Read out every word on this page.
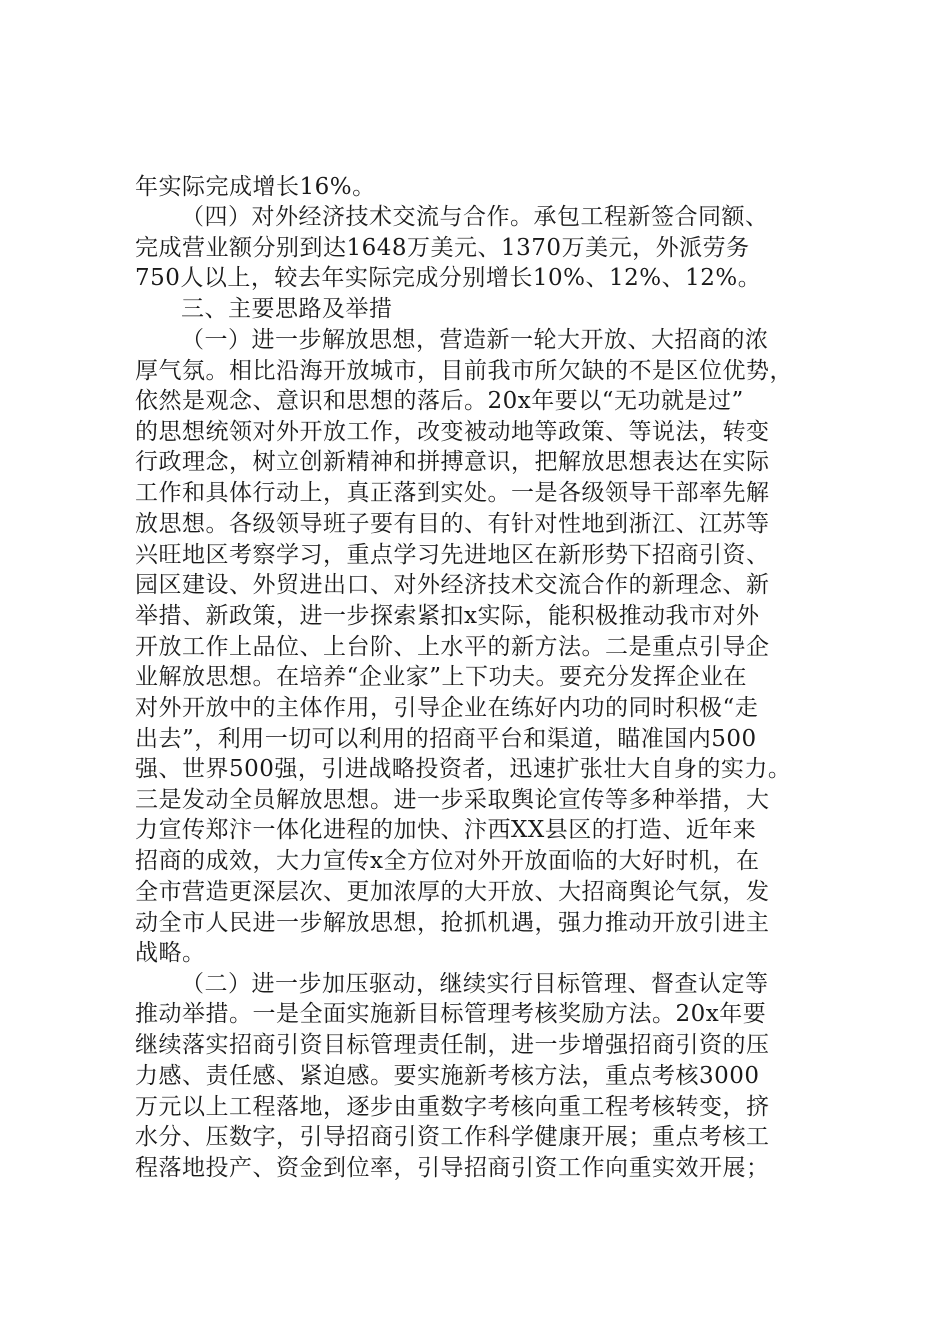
年实际完成增长16%。
（四）对外经济技术交流与合作。承包工程新签合同额、
完成营业额分别到达1648万美元、1370万美元，外派劳务
750人以上，较去年实际完成分别增长10%、12%、12%。
三、主要思路及举措
（一）进一步解放思想，营造新一轮大开放、大招商的浓
厚气氛。相比沿海开放城市，目前我市所欠缺的不是区位优势，
依然是观念、意识和思想的落后。20x年要以“无功就是过”
的思想统领对外开放工作，改变被动地等政策、等说法，转变
行政理念，树立创新精神和拼搏意识，把解放思想表达在实际
工作和具体行动上，真正落到实处。一是各级领导干部率先解
放思想。各级领导班子要有目的、有针对性地到浙江、江苏等
兴旺地区考察学习，重点学习先进地区在新形势下招商引资、
园区建设、外贸进出口、对外经济技术交流合作的新理念、新
举措、新政策，进一步探索紧扣x实际，能积极推动我市对外
开放工作上品位、上台阶、上水平的新方法。二是重点引导企
业解放思想。在培养“企业家”上下功夫。要充分发挥企业在
对外开放中的主体作用，引导企业在练好内功的同时积极“走
出去”，利用一切可以利用的招商平台和渠道，瞄准国内500
强、世界500强，引进战略投资者，迅速扩张壮大自身的实力。
三是发动全员解放思想。进一步采取舆论宣传等多种举措，大
力宣传郑汴一体化进程的加快、汴西XX县区的打造、近年来
招商的成效，大力宣传x全方位对外开放面临的大好时机，在
全市营造更深层次、更加浓厚的大开放、大招商舆论气氛，发
动全市人民进一步解放思想，抢抓机遇，强力推动开放引进主
战略。
（二）进一步加压驱动，继续实行目标管理、督查认定等
推动举措。一是全面实施新目标管理考核奖励方法。20x年要
继续落实招商引资目标管理责任制，进一步增强招商引资的压
力感、责任感、紧迫感。要实施新考核方法，重点考核3000
万元以上工程落地，逐步由重数字考核向重工程考核转变，挤
水分、压数字，引导招商引资工作科学健康开展；重点考核工
程落地投产、资金到位率，引导招商引资工作向重实效开展；
